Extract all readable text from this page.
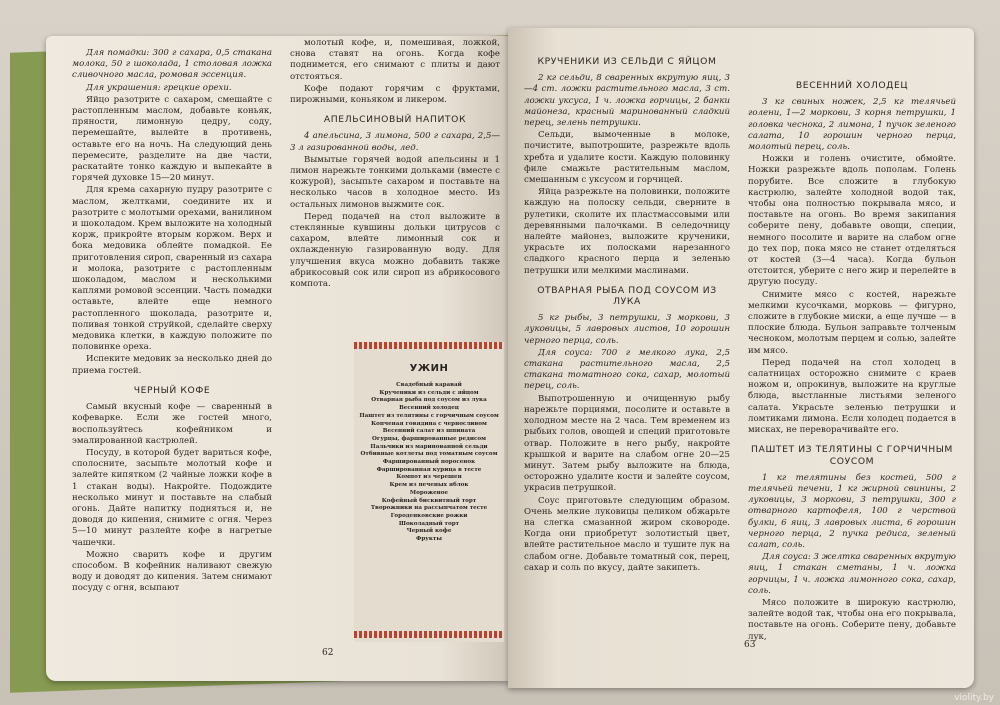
Для помадки: 300 г сахара, 0,5 стакана молока, 50 г шоколада, 1 столовая ложка сливочного масла, ромовая эссенция.

Для украшения: грецкие орехи.

Яйцо разотрите с сахаром, смешайте с растопленным маслом, добавьте коньяк, пряности, лимонную цедру, соду, перемешайте, вылейте в противень, оставьте его на ночь. На следующий день перемесите, разделите на две части, раскатайте тонко каждую и выпекайте в горячей духовке 15—20 минут.

Для крема сахарную пудру разотрите с маслом, желтками, соедините их и разотрите с молотыми орехами, ванилином и шоколадом. Крем выложите на холодный корж, прикройте вторым коржом. Верх и бока медовика облейте помадкой. Ее приготовления сироп, сваренный из сахара и молока, разотрите с растопленным шоколадом, маслом и несколькими каплями ромовой эссенции. Часть помадки оставьте, влейте еще немного растопленного шоколада, разотрите и, поливая тонкой струйкой, сделайте сверху медовика клетки, в каждую положите по половинке ореха.

Испеките медовик за несколько дней до приема гостей.

ЧЕРНЫЙ КОФЕ

Самый вкусный кофе — сваренный в кофеварке. Если же гостей много, воспользуйтесь кофейником и эмалированной кастрюлей.

Посуду, в которой будет вариться кофе, сполосните, засыпьте молотый кофе и залейте кипятком (2 чайные ложки кофе в 1 стакан воды). Накройте. Подождите несколько минут и поставьте на слабый огонь. Дайте напитку подняться и, не доводя до кипения, снимите с огня. Через 5—10 минут разлейте кофе в нагретые чашечки.

Можно сварить кофе и другим способом. В кофейник наливают свежую воду и доводят до кипения. Затем снимают посуду с огня, всыпают

молотый кофе, и, помешивая, ложкой, снова ставят на огонь. Когда кофе поднимется, его снимают с плиты и дают отстояться.

Кофе подают горячим с фруктами, пирожными, коньяком и ликером.

АПЕЛЬСИНОВЫЙ НАПИТОК

4 апельсина, 3 лимона, 500 г сахара, 2,5—3 л газированной воды, лед.

Вымытые горячей водой апельсины и 1 лимон нарежьте тонкими дольками (вместе с кожурой), засыпьте сахаром и поставьте на несколько часов в холодное место. Из остальных лимонов выжмите сок.

Перед подачей на стол выложите в стеклянные кувшины дольки цитрусов с сахаром, влейте лимонный сок и охлажденную газированную воду. Для улучшения вкуса можно добавить также абрикосовый сок или сироп из абрикосового компота.

УЖИН
Свадебный каравай
Крученики из сельди с яйцом
Отварная рыба под соусом из лука
Весенний холодец
Паштет из телятины с горчичным соусом
Копченая говядина с черносливом
Весенний салат из шпината
Огурцы, фаршированные редисом
Пальчики из маринованной сельди
Отбивные котлеты под томатным соусом
Фаршированный поросенок
Фаршированная курица в тесте
Компот из черешен
Крем из печеных яблок
Мороженое
Кофейный бисквитный торт
Творожники на рассыпчатом тесте
Городенковские рожки
Шоколадный торт
Черный кофе
Фрукты
62
КРУЧЕНИКИ ИЗ СЕЛЬДИ С ЯЙЦОМ

2 кг сельди, 8 сваренных вкрутую яиц, 3—4 ст. ложки растительного масла, 3 ст. ложки уксуса, 1 ч. ложка горчицы, 2 банки майонеза, красный маринованный сладкий перец, зелень петрушки.

Сельди, вымоченные в молоке, почистите, выпотрошите, разрежьте вдоль хребта и удалите кости. Каждую половинку филе смажьте растительным маслом, смешанным с уксусом и горчицей.

Яйца разрежьте на половинки, положите каждую на полоску сельди, сверните в рулетики, сколите их пластмассовыми или деревянными палочками. В селедочницу налейте майонез, выложите крученики, украсьте их полосками нарезанного сладкого красного перца и зеленью петрушки или мелкими маслинами.

ОТВАРНАЯ РЫБА ПОД СОУСОМ ИЗ ЛУКА

5 кг рыбы, 3 петрушки, 3 моркови, 3 луковицы, 5 лавровых листов, 10 горошин черного перца, соль.

Для соуса: 700 г мелкого лука, 2,5 стакана растительного масла, 2,5 стакана томатного сока, сахар, молотый перец, соль.

Выпотрошенную и очищенную рыбу нарежьте порциями, посолите и оставьте в холодном месте на 2 часа. Тем временем из рыбьих голов, овощей и специй приготовьте отвар. Положите в него рыбу, накройте крышкой и варите на слабом огне 20—25 минут. Затем рыбу выложите на блюда, осторожно удалите кости и залейте соусом, украсив петрушкой.

Соус приготовьте следующим образом. Очень мелкие луковицы целиком обжарьте на слегка смазанной жиром сковороде. Когда они приобретут золотистый цвет, влейте растительное масло и тушите лук на слабом огне. Добавьте томатный сок, перец, сахар и соль по вкусу, дайте закипеть.

ВЕСЕННИЙ ХОЛОДЕЦ

3 кг свиных ножек, 2,5 кг телячьей голени, 1—2 моркови, 3 корня петрушки, 1 головка чеснока, 2 лимона, 1 пучок зеленого салата, 10 горошин черного перца, молотый перец, соль.

Ножки и голень очистите, обмойте. Ножки разрежьте вдоль пополам. Голень порубите. Все сложите в глубокую кастрюлю, залейте холодной водой так, чтобы она полностью покрывала мясо, и поставьте на огонь. Во время закипания соберите пену, добавьте овощи, специи, немного посолите и варите на слабом огне до тех пор, пока мясо не станет отделяться от костей (3—4 часа). Когда бульон отстоится, уберите с него жир и перелейте в другую посуду.

Снимите мясо с костей, нарежьте мелкими кусочками, морковь — фигурно, сложите в глубокие миски, а еще лучше — в плоские блюда. Бульон заправьте толченым чесноком, молотым перцем и солью, залейте им мясо.

Перед подачей на стол холодец в салатницах осторожно снимите с краев ножом и, опрокинув, выложите на круглые блюда, выстланные листьями зеленого салата. Украсьте зеленью петрушки и ломтиками лимона. Если холодец подается в мисках, не переворачивайте его.

ПАШТЕТ ИЗ ТЕЛЯТИНЫ С ГОРЧИЧНЫМ СОУСОМ

1 кг телятины без костей, 500 г телячьей печени, 1 кг жирной свинины, 2 луковицы, 3 моркови, 3 петрушки, 300 г отварного картофеля, 100 г черствой булки, 6 яиц, 3 лавровых листа, 6 горошин черного перца, 2 пучка редиса, зеленый салат, соль.

Для соуса: 3 желтка сваренных вкрутую яиц, 1 стакан сметаны, 1 ч. ложка горчицы, 1 ч. ложка лимонного сока, сахар, соль.

Мясо положите в широкую кастрюлю, залейте водой так, чтобы она его покрывала, поставьте на огонь. Соберите пену, добавьте лук,

63
violity.by
